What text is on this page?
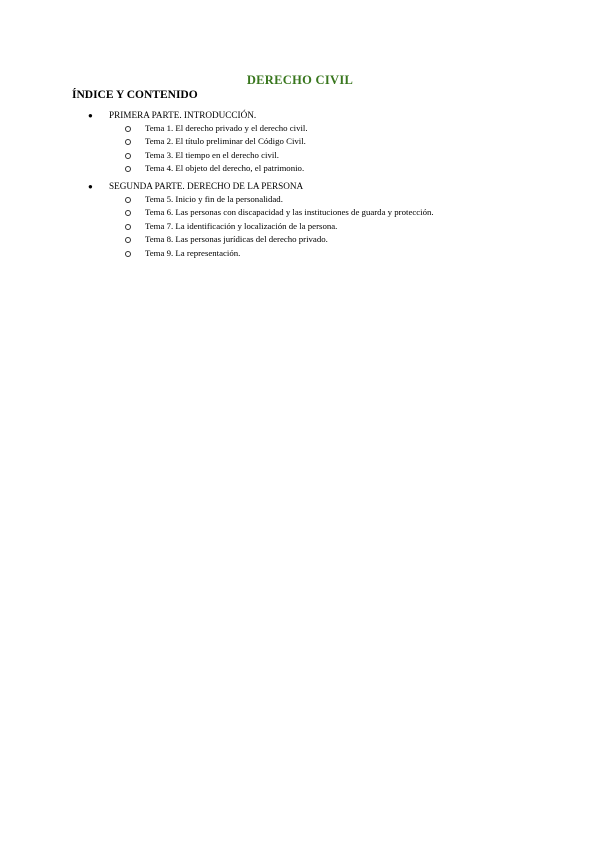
DERECHO CIVIL
ÍNDICE Y CONTENIDO
● PRIMERA PARTE. INTRODUCCIÓN.
Tema 1. El derecho privado y el derecho civil.
Tema 2. El título preliminar del Código Civil.
Tema 3. El tiempo en el derecho civil.
Tema 4. El objeto del derecho, el patrimonio.
● SEGUNDA PARTE. DERECHO DE LA PERSONA
Tema 5. Inicio y fin de la personalidad.
Tema 6. Las personas con discapacidad y las instituciones de guarda y protección.
Tema 7. La identificación y localización de la persona.
Tema 8. Las personas jurídicas del derecho privado.
Tema 9. La representación.
